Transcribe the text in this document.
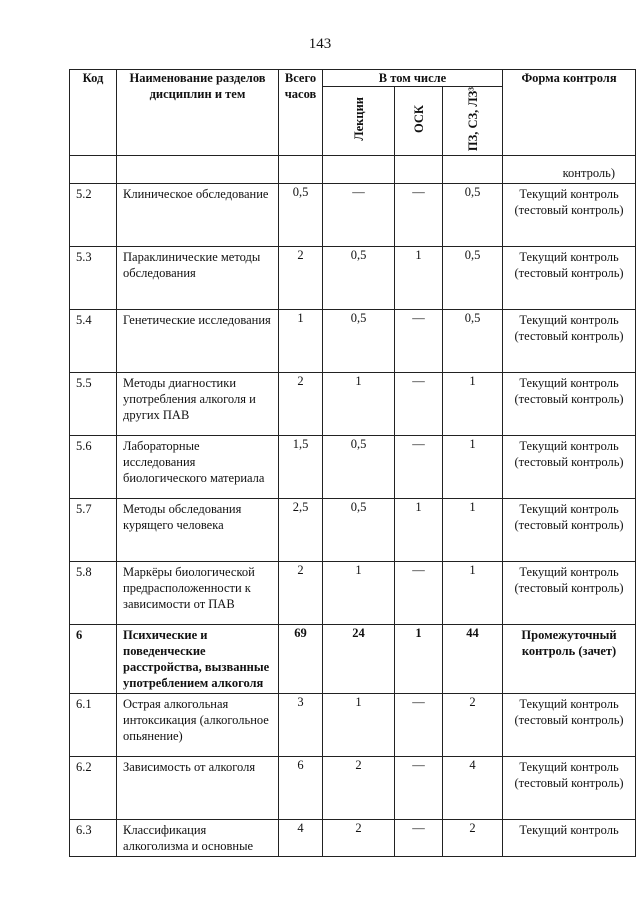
143
Код	Наименование разделов дисциплин и тем	Всего часов	В том числе			Форма контроля
			Лекции	ОСК	ПЗ, СЗ, ЛЗ³	
						контроль)
5.2	Клиническое обследование	0,5	—	—	0,5	Текущий контроль (тестовый контроль)
5.3	Параклинические методы обследования	2	0,5	1	0,5	Текущий контроль (тестовый контроль)
5.4	Генетические исследования	1	0,5	—	0,5	Текущий контроль (тестовый контроль)
5.5	Методы диагностики употребления алкоголя и других ПАВ	2	1	—	1	Текущий контроль (тестовый контроль)
5.6	Лабораторные исследования биологического материала	1,5	0,5	—	1	Текущий контроль (тестовый контроль)
5.7	Методы обследования курящего человека	2,5	0,5	1	1	Текущий контроль (тестовый контроль)
5.8	Маркёры биологической предрасположенности к зависимости от ПАВ	2	1	—	1	Текущий контроль (тестовый контроль)
6	Психические и поведенческие расстройства, вызванные употреблением алкоголя	69	24	1	44	Промежуточный контроль (зачет)
6.1	Острая алкогольная интоксикация (алкогольное опьянение)	3	1	—	2	Текущий контроль (тестовый контроль)
6.2	Зависимость от алкоголя	6	2	—	4	Текущий контроль (тестовый контроль)
6.3	Классификация алкоголизма и основные	4	2	—	2	Текущий контроль
